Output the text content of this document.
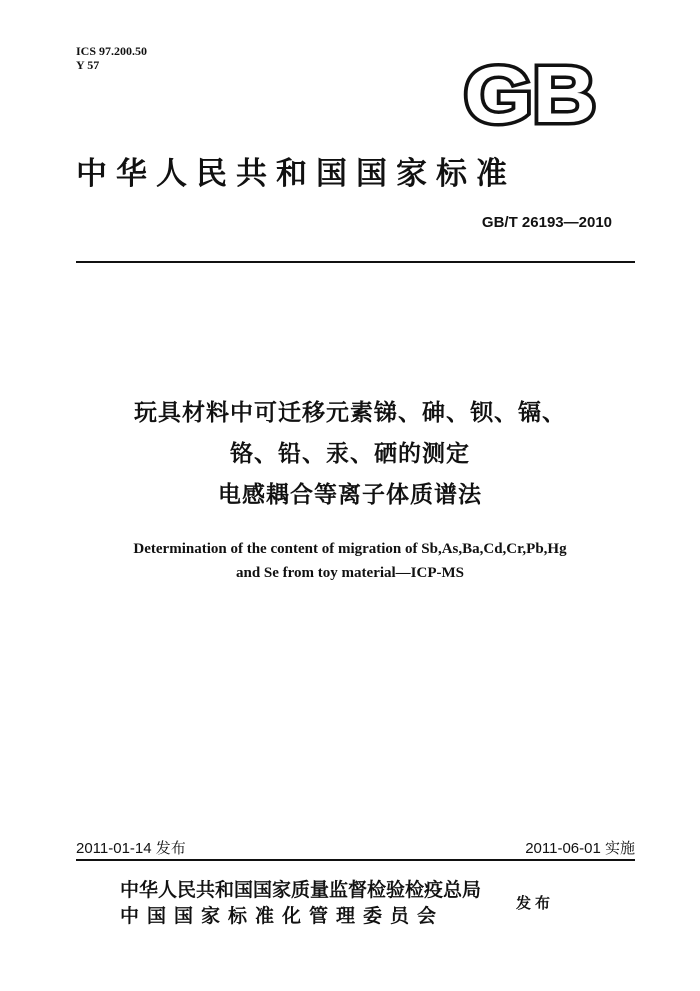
ICS 97.200.50
Y 57	GB
中华人民共和国国家标准
GB/T 26193—2010
玩具材料中可迁移元素锑、砷、钡、镉、
铬、铅、汞、硒的测定
电感耦合等离子体质谱法
Determination of the content of migration of Sb,As,Ba,Cd,Cr,Pb,Hg
and Se from toy material—ICP-MS
2011-01-14 发布	2011-06-01 实施
中华人民共和国国家质量监督检验检疫总局
中国国家标准化管理委员会
发布
